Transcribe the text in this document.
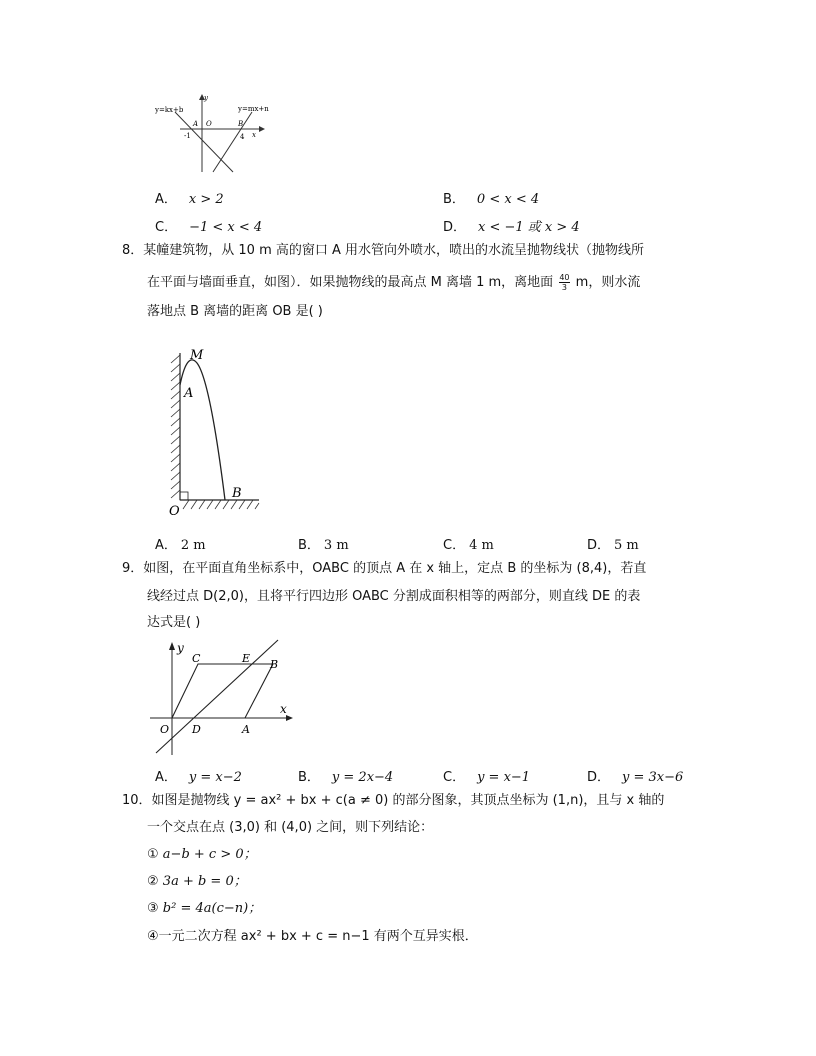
y=kx+b	y=mx+n
y
x
A O	B
-1	4
A． x > 2	B． 0 < x < 4
C． −1 < x < 4	D． x < −1 或 x > 4
8．某幢建筑物，从 10 m 高的窗口 A 用水管向外喷水，喷出的水流呈抛物线状（抛物线所
在平面与墙面垂直，如图）．如果抛物线的最高点 M 离墙 1 m，离地面 $\frac{40}{3}$ m，则水流
落地点 B 离墙的距离 OB 是( )
M
A
O
B
A． 2 m	B． 3 m	C． 4 m	D． 5 m
9．如图，在平面直角坐标系中，OABC 的顶点 A 在 x 轴上，定点 B 的坐标为 (8,4)，若直
线经过点 D(2,0)，且将平行四边形 OABC 分割成面积相等的两部分，则直线 DE 的表
达式是( )
y
x
C	E B
O D	A
A． y = x−2	B． y = 2x−4	C． y = x−1	D． y = 3x−6
10．如图是抛物线 y = ax² + bx + c(a ≠ 0) 的部分图象，其顶点坐标为 (1,n)，且与 x 轴的
一个交点在点 (3,0) 和 (4,0) 之间，则下列结论：
① a−b + c > 0；
② 3a + b = 0；
③ b² = 4a(c−n)；
④一元二次方程 ax² + bx + c = n−1 有两个互异实根．
